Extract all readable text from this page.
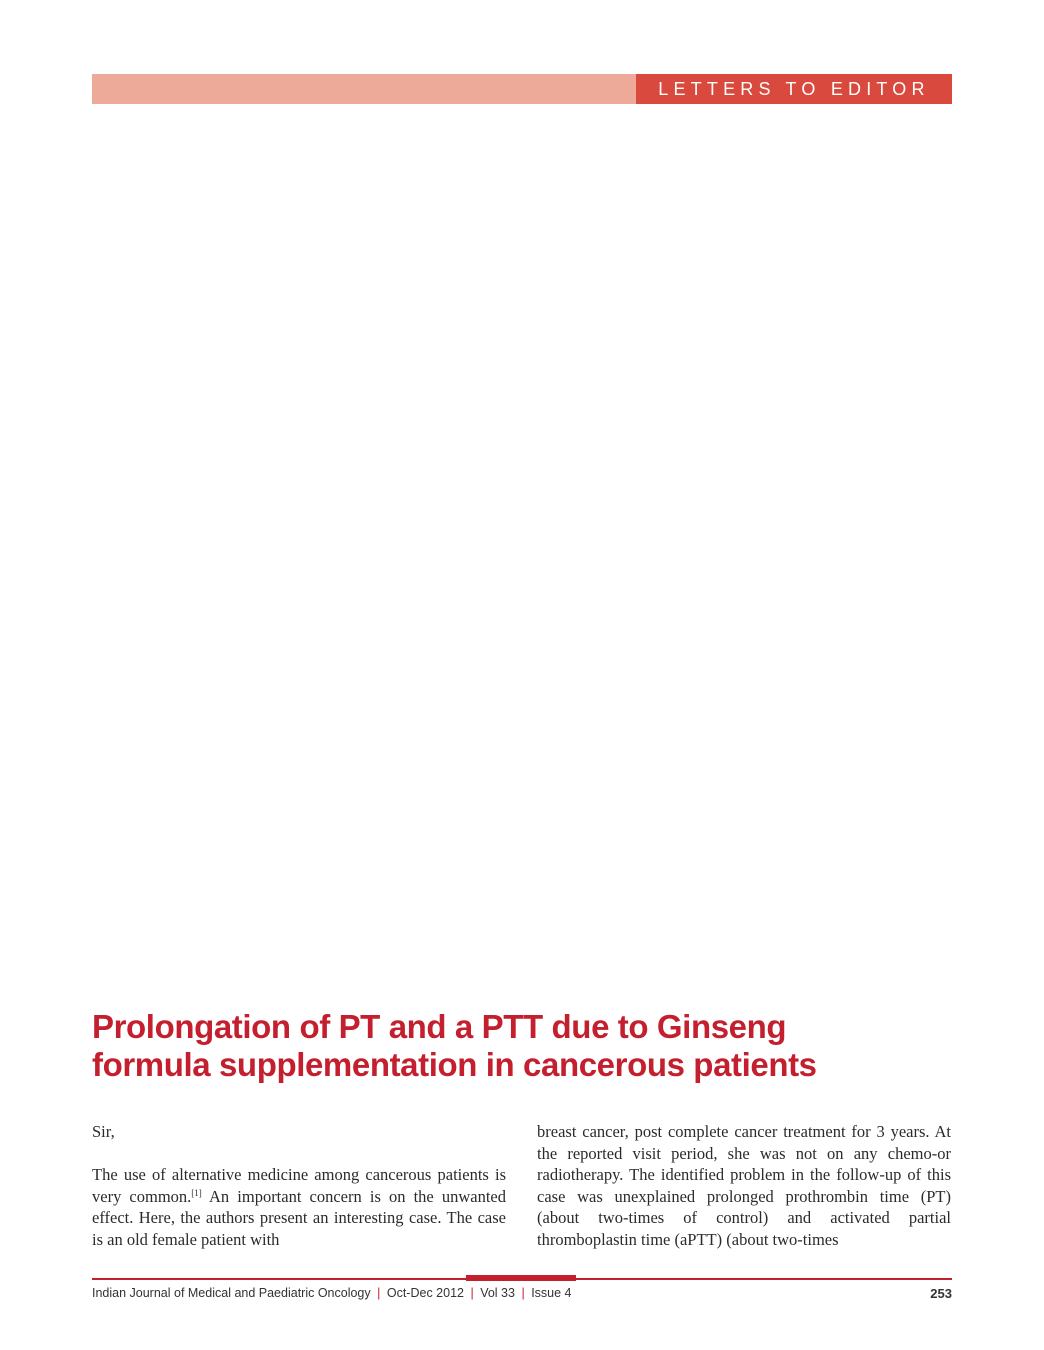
LETTERS TO EDITOR
Prolongation of PT and a PTT due to Ginseng
formula supplementation in cancerous patients

Sir,

The use of alternative medicine among cancerous patients is very common.[1] An important concern is on the unwanted effect. Here, the authors present an interesting case. The case is an old female patient with

breast cancer, post complete cancer treatment for 3 years. At the reported visit period, she was not on any chemo-or radiotherapy. The identified problem in the follow-up of this case was unexplained prolonged prothrombin time (PT) (about two-times of control) and activated partial thromboplastin time (aPTT) (about two-times

Indian Journal of Medical and Paediatric Oncology | Oct-Dec 2012 | Vol 33 | Issue 4	253
